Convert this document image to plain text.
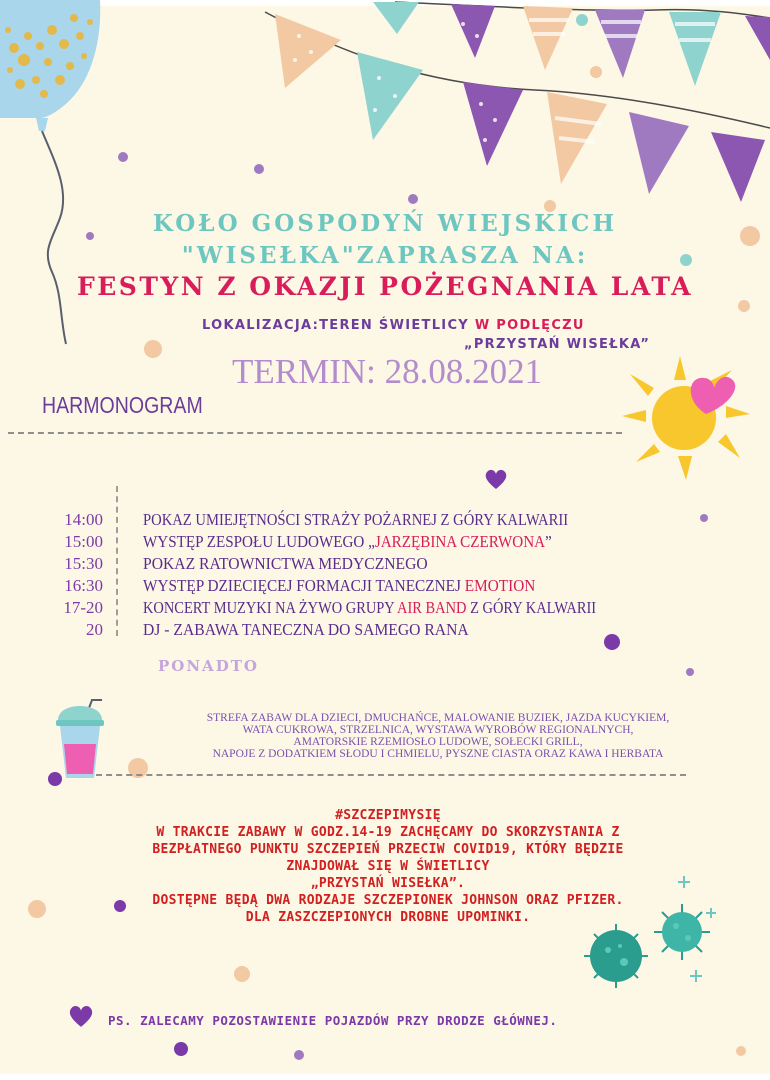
KOŁO GOSPODYŃ WIEJSKICH
"WISEŁKA"ZAPRASZA NA:
FESTYN Z OKAZJI POŻEGNANIA LATA
LOKALIZACJA:TEREN ŚWIETLICY W PODLĘCZU
„PRZYSTAŃ WISEŁKA”
TERMIN: 28.08.2021
HARMONOGRAM
14:00 POKAZ UMIEJĘTNOŚCI STRAŻY POŻARNEJ Z GÓRY KALWARII
15:00 WYSTĘP ZESPOŁU LUDOWEGO „JARZĘBINA CZERWONA”
15:30 POKAZ RATOWNICTWA MEDYCZNEGO
16:30 WYSTĘP DZIECIĘCEJ FORMACJI TANECZNEJ EMOTION
17-20 KONCERT MUZYKI NA ŻYWO GRUPY AIR BAND Z GÓRY KALWARII
20 DJ - ZABAWA TANECZNA DO SAMEGO RANA
PONADTO
STREFA ZABAW DLA DZIECI, DMUCHAŃCE, MALOWANIE BUZIEK, JAZDA KUCYKIEM,
WATA CUKROWA, STRZELNICA, WYSTAWA WYROBÓW REGIONALNYCH,
AMATORSKIE RZEMIOSŁO LUDOWE, SOŁECKI GRILL,
NAPOJE Z DODATKIEM SŁODU I CHMIELU, PYSZNE CIASTA ORAZ KAWA I HERBATA
#SZCZEPIMYSIĘ
W TRAKCIE ZABAWY W GODZ.14-19 ZACHĘCAMY DO SKORZYSTANIA Z
BEZPŁATNEGO PUNKTU SZCZEPIEŃ PRZECIW COVID19, KTÓRY BĘDZIE
ZNAJDOWAŁ SIĘ W ŚWIETLICY
„PRZYSTAŃ WISEŁKA”.
DOSTĘPNE BĘDĄ DWA RODZAJE SZCZEPIONEK JOHNSON ORAZ PFIZER.
DLA ZASZCZEPIONYCH DROBNE UPOMINKI.
PS. ZALECAMY POZOSTAWIENIE POJAZDÓW PRZY DRODZE GŁÓWNEJ.
